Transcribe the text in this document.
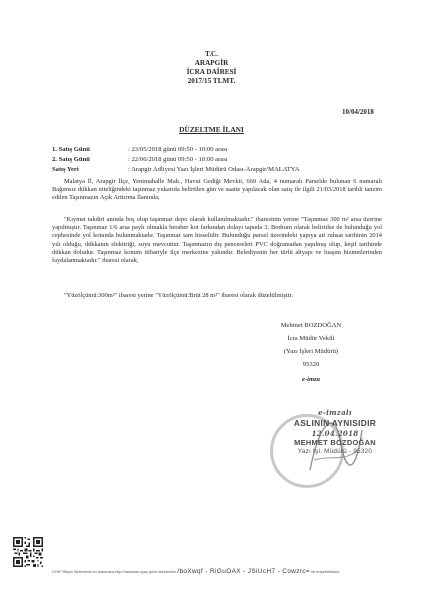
T.C.
ARAPGİR
İCRA DAİRESİ
2017/15 TLMT.
10/04/2018
DÜZELTME İLANI
1. Satış Günü	: 23/05/2018 günü 09:50 - 10:00 arası
2. Satış Günü	: 22/06/2018 günü 09:50 - 10:00 arası
Satış Yeri	: Arapgir Adliyesi Yazı İşleri Müdürü Odası-Arapgir/MALATYA
Malatya İl, Arapgir İlçe, Yenimahalle Mah., Havut Gediği Mevkii, 669 Ada, 4 numaralı Parselde bulunan 6 numaralı Bağımsız dükkan niteliğindeki taşınmaz yukarıda belirtilen gün ve saatte yapılacak olan satış ile ilgili 21/03/2018 tarihli tanzim edilen Taşınmazın Açık Arttırma İlanında;
"Kıymet takdiri anında boş olup taşınmaz depo olarak kullanılmaktadır." ibaresinin yerine "Taşınmaz 300 m² arsa üzerine yapılmıştır. Taşınmaz 1/6 arsa paylı olmakla beraber kot farkından dolayı tapuda 3. Bodrum olarak belirtilse de bulunduğu yol cephesinde yol kotunda bulunmaktadır. Taşınmaz tam hisselidir. Bulunduğu parsel üzerindeki yapıya ait ruhsat tarihinin 2014 yılı olduğu, dükkanın elektiriği, suyu mevcuttur. Taşınmazın dış pencereleri PVC doğramadan yapılmış olup, keşif tarihinde dükkan doludur. Taşınmaz konum itibariyle ilçe merkezine yakındır. Belediyenin her türlü altyapı ve luaşım hizmetlerinden faydalanmaktadır." ibaresi olarak,
"Yüzölçümü:300m²" ibaresi yerine "Yüzölçümü:Brüt 28 m²" ibaresi olarak düzeltilmiştir.
Mehmet BOZDOĞAN
İcra Müdür Vekili
(Yazı İşleri Müdürü)
95320
e-imza
e-imzalı
ASLININ AYNISIDIR
12.04.2018
MEHMET BOZDOĞAN
Yazı İşl. Müdürü - 95320
UYAP Bilişim Sisteminde bu dokumana http://vatandas.uyap.gov.tr adresinden /boXwqf - RiGuOAX - JSiUcH7 - Cowzrc= ile erişebilirsiniz.
